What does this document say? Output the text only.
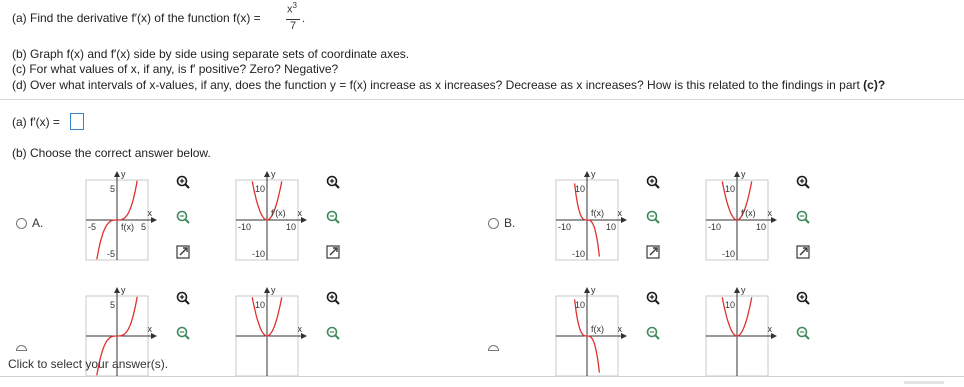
(a) Find the derivative f′(x) of the function f(x) =
$x^3$
7
.
(b) Graph f(x) and f′(x) side by side using separate sets of coordinate axes.
(c) For what values of x, if any, is f′ positive? Zero? Negative?
(d) Over what intervals of x-values, if any, does the function y = f(x) increase as x increases? Decrease as x increases? How is this related to the findings in part (c)?
(a) f′(x) =
(b) Choose the correct answer below.
A.
5
-5
-5	5
y
x
f(x)
10
-10
-10	10
y
x
f′(x)
B.
10
-10
-10	10
y
x
f(x)
10
-10
-10	10
y
x
f′(x)
5
y
x
10
y
x
10
y
x
f(x)
10
y
x
Click to select your answer(s).
